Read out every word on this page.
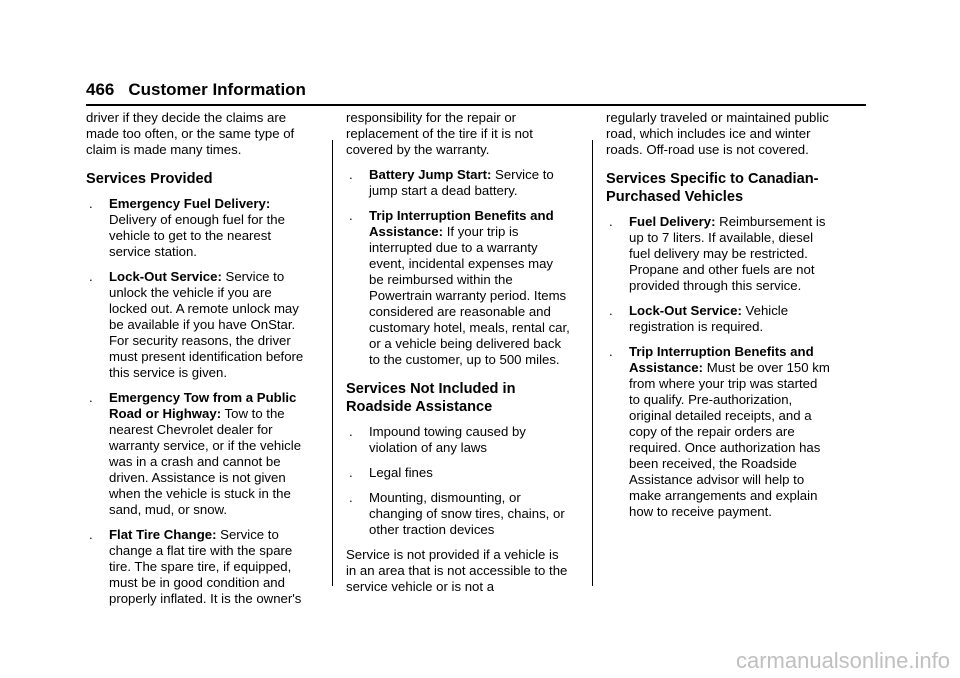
466 Customer Information

driver if they decide the claims are made too often, or the same type of claim is made many times.

Services Provided
. Emergency Fuel Delivery: Delivery of enough fuel for the vehicle to get to the nearest service station.
. Lock-Out Service: Service to unlock the vehicle if you are locked out. A remote unlock may be available if you have OnStar. For security reasons, the driver must present identification before this service is given.
. Emergency Tow from a Public Road or Highway: Tow to the nearest Chevrolet dealer for warranty service, or if the vehicle was in a crash and cannot be driven. Assistance is not given when the vehicle is stuck in the sand, mud, or snow.
. Flat Tire Change: Service to change a flat tire with the spare tire. The spare tire, if equipped, must be in good condition and properly inflated. It is the owner's

responsibility for the repair or replacement of the tire if it is not covered by the warranty.

. Battery Jump Start: Service to jump start a dead battery.
. Trip Interruption Benefits and Assistance: If your trip is interrupted due to a warranty event, incidental expenses may be reimbursed within the Powertrain warranty period. Items considered are reasonable and customary hotel, meals, rental car, or a vehicle being delivered back to the customer, up to 500 miles.
Services Not Included in Roadside Assistance
. Impound towing caused by violation of any laws
. Legal fines
. Mounting, dismounting, or changing of snow tires, chains, or other traction devices

Service is not provided if a vehicle is in an area that is not accessible to the service vehicle or is not a

regularly traveled or maintained public road, which includes ice and winter roads. Off-road use is not covered.

Services Specific to Canadian-Purchased Vehicles
. Fuel Delivery: Reimbursement is up to 7 liters. If available, diesel fuel delivery may be restricted. Propane and other fuels are not provided through this service.
. Lock-Out Service: Vehicle registration is required.
. Trip Interruption Benefits and Assistance: Must be over 150 km from where your trip was started to qualify. Pre-authorization, original detailed receipts, and a copy of the repair orders are required. Once authorization has been received, the Roadside Assistance advisor will help to make arrangements and explain how to receive payment.
carmanualsonline.info
